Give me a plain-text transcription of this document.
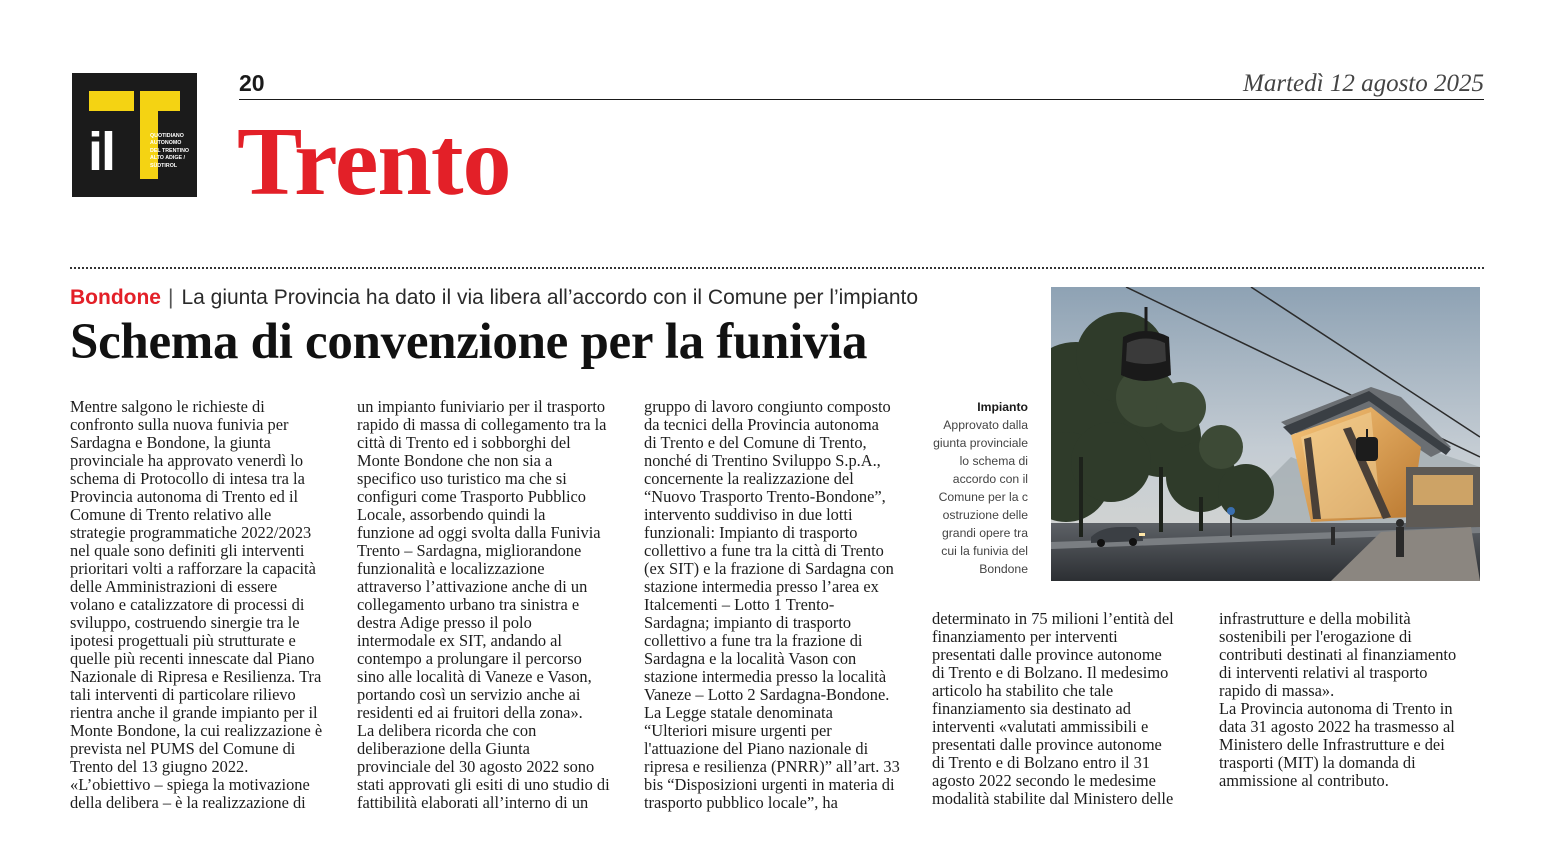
il	QUOTIDIANO
AUTONOMO
DEL TRENTINO
ALTO ADIGE /
SÜDTIROL
20	Martedì 12 agosto 2025
Trento
Bondone | La giunta Provincia ha dato il via libera all’accordo con il Comune per l’impianto
Schema di convenzione per la funivia

Mentre salgono le richieste di

confronto sulla nuova funivia per

Sardagna e Bondone, la giunta

provinciale ha approvato venerdì lo

schema di Protocollo di intesa tra la

Provincia autonoma di Trento ed il

Comune di Trento relativo alle

strategie programmatiche 2022/2023

nel quale sono definiti gli interventi

prioritari volti a rafforzare la capacità

delle Amministrazioni di essere

volano e catalizzatore di processi di

sviluppo, costruendo sinergie tra le

ipotesi progettuali più strutturate e

quelle più recenti innescate dal Piano

Nazionale di Ripresa e Resilienza. Tra

tali interventi di particolare rilievo

rientra anche il grande impianto per il

Monte Bondone, la cui realizzazione è

prevista nel PUMS del Comune di

Trento del 13 giugno 2022.

«L’obiettivo – spiega la motivazione

della delibera – è la realizzazione di

un impianto funiviario per il trasporto

rapido di massa di collegamento tra la

città di Trento ed i sobborghi del

Monte Bondone che non sia a

specifico uso turistico ma che si

configuri come Trasporto Pubblico

Locale, assorbendo quindi la

funzione ad oggi svolta dalla Funivia

Trento – Sardagna, migliorandone

funzionalità e localizzazione

attraverso l’attivazione anche di un

collegamento urbano tra sinistra e

destra Adige presso il polo

intermodale ex SIT, andando al

contempo a prolungare il percorso

sino alle località di Vaneze e Vason,

portando così un servizio anche ai

residenti ed ai fruitori della zona».

La delibera ricorda che con

deliberazione della Giunta

provinciale del 30 agosto 2022 sono

stati approvati gli esiti di uno studio di

fattibilità elaborati all’interno di un

gruppo di lavoro congiunto composto

da tecnici della Provincia autonoma

di Trento e del Comune di Trento,

nonché di Trentino Sviluppo S.p.A.,

concernente la realizzazione del

“Nuovo Trasporto Trento-Bondone”,

intervento suddiviso in due lotti

funzionali: Impianto di trasporto

collettivo a fune tra la città di Trento

(ex SIT) e la frazione di Sardagna con

stazione intermedia presso l’area ex

Italcementi – Lotto 1 Trento-

Sardagna; impianto di trasporto

collettivo a fune tra la frazione di

Sardagna e la località Vason con

stazione intermedia presso la località

Vaneze – Lotto 2 Sardagna-Bondone.

La Legge statale denominata

“Ulteriori misure urgenti per

l'attuazione del Piano nazionale di

ripresa e resilienza (PNRR)” all’art. 33

bis “Disposizioni urgenti in materia di

trasporto pubblico locale”, ha

determinato in 75 milioni l’entità del

finanziamento per interventi

presentati dalle province autonome

di Trento e di Bolzano. Il medesimo

articolo ha stabilito che tale

finanziamento sia destinato ad

interventi «valutati ammissibili e

presentati dalle province autonome

di Trento e di Bolzano entro il 31

agosto 2022 secondo le medesime

modalità stabilite dal Ministero delle

infrastrutture e della mobilità

sostenibili per l'erogazione di

contributi destinati al finanziamento

di interventi relativi al trasporto

rapido di massa».

La Provincia autonoma di Trento in

data 31 agosto 2022 ha trasmesso al

Ministero delle Infrastrutture e dei

trasporti (MIT) la domanda di

ammissione al contributo.

Impianto
Approvato dalla
giunta provinciale
lo schema di
accordo con il
Comune per la c
ostruzione delle
grandi opere tra
cui la funivia del
Bondone
